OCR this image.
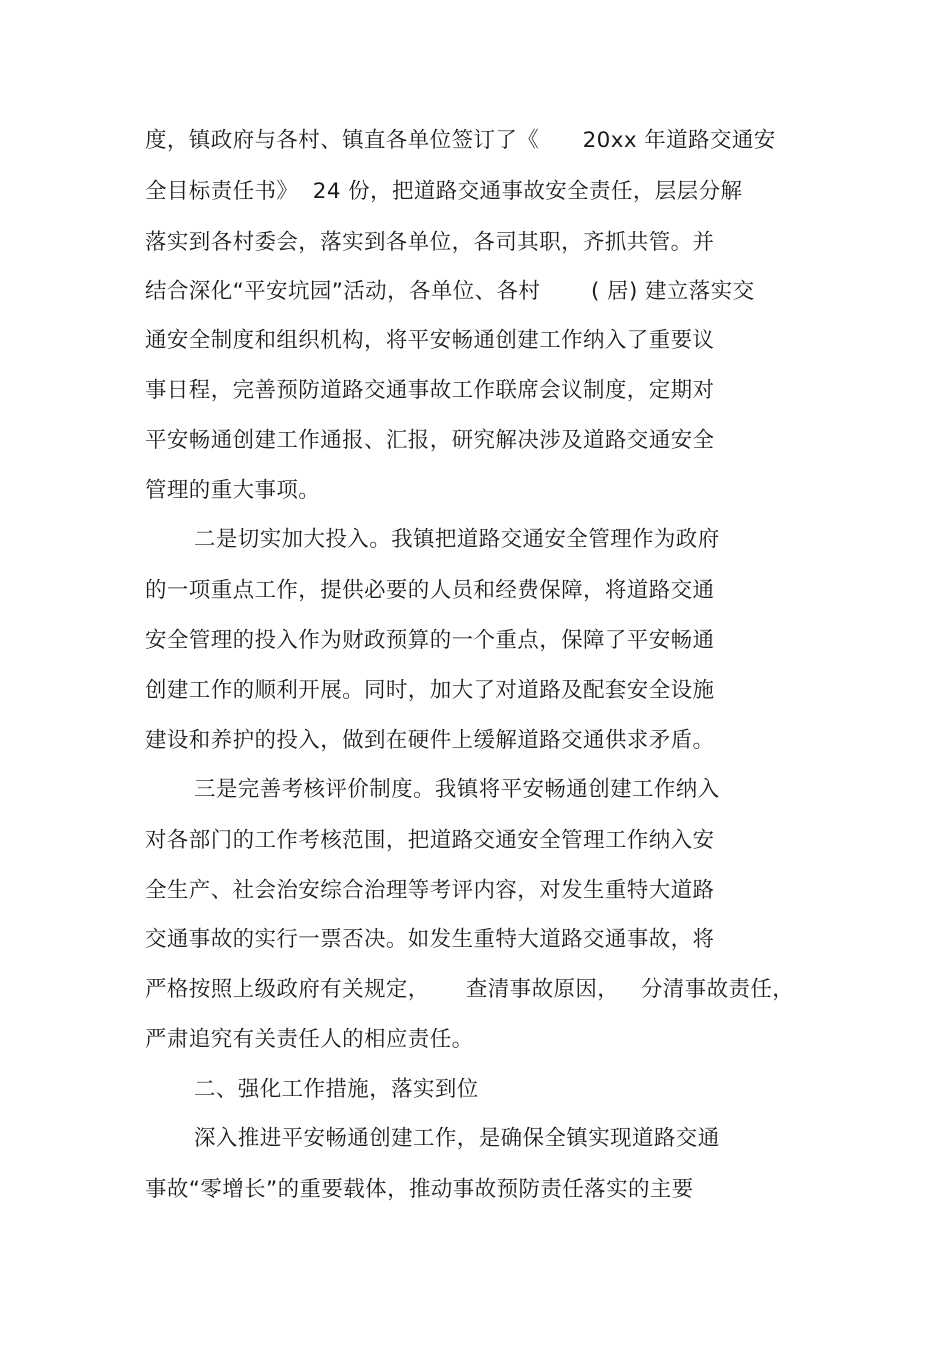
度，镇政府与各村、镇直各单位签订了《      20xx 年道路交通安
全目标责任书》  24 份，把道路交通事故安全责任，层层分解
落实到各村委会，落实到各单位，各司其职，齐抓共管。并
结合深化“平安坑园”活动，各单位、各村       ( 居) 建立落实交
通安全制度和组织机构，将平安畅通创建工作纳入了重要议
事日程，完善预防道路交通事故工作联席会议制度，定期对
平安畅通创建工作通报、汇报，研究解决涉及道路交通安全
管理的重大事项。
二是切实加大投入。我镇把道路交通安全管理作为政府
的一项重点工作，提供必要的人员和经费保障，将道路交通
安全管理的投入作为财政预算的一个重点，保障了平安畅通
创建工作的顺利开展。同时，加大了对道路及配套安全设施
建设和养护的投入，做到在硬件上缓解道路交通供求矛盾。
三是完善考核评价制度。我镇将平安畅通创建工作纳入
对各部门的工作考核范围，把道路交通安全管理工作纳入安
全生产、社会治安综合治理等考评内容，对发生重特大道路
交通事故的实行一票否决。如发生重特大道路交通事故，将
严格按照上级政府有关规定，     查清事故原因，   分清事故责任，
严肃追究有关责任人的相应责任。
二、强化工作措施，落实到位
深入推进平安畅通创建工作，是确保全镇实现道路交通
事故“零增长”的重要载体，推动事故预防责任落实的主要
